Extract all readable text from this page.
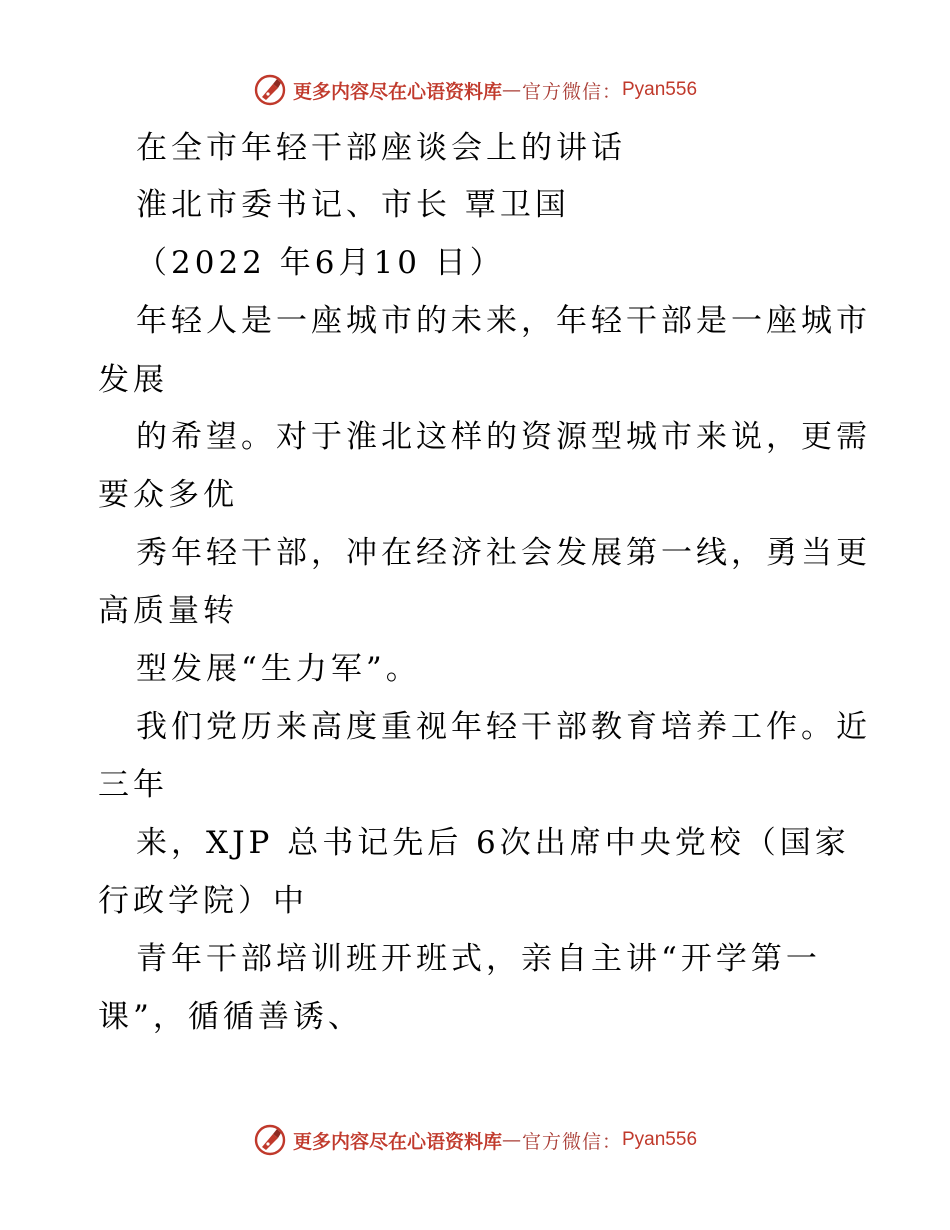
更多内容尽在心语资料库 — 官方微信： Pyan556
在全市年轻干部座谈会上的讲话
淮北市委书记、市长 覃卫国
（2022 年6月10 日）
年轻人是一座城市的未来，年轻干部是一座城市
发展
的希望。对于淮北这样的资源型城市来说，更需
要众多优
秀年轻干部，冲在经济社会发展第一线，勇当更
高质量转
型发展“生力军”。
我们党历来高度重视年轻干部教育培养工作。近
三年
来，XJP 总书记先后 6次出席中央党校（国家
行政学院）中
青年干部培训班开班式，亲自主讲“开学第一
课”，循循善诱、
更多内容尽在心语资料库 — 官方微信： Pyan556
